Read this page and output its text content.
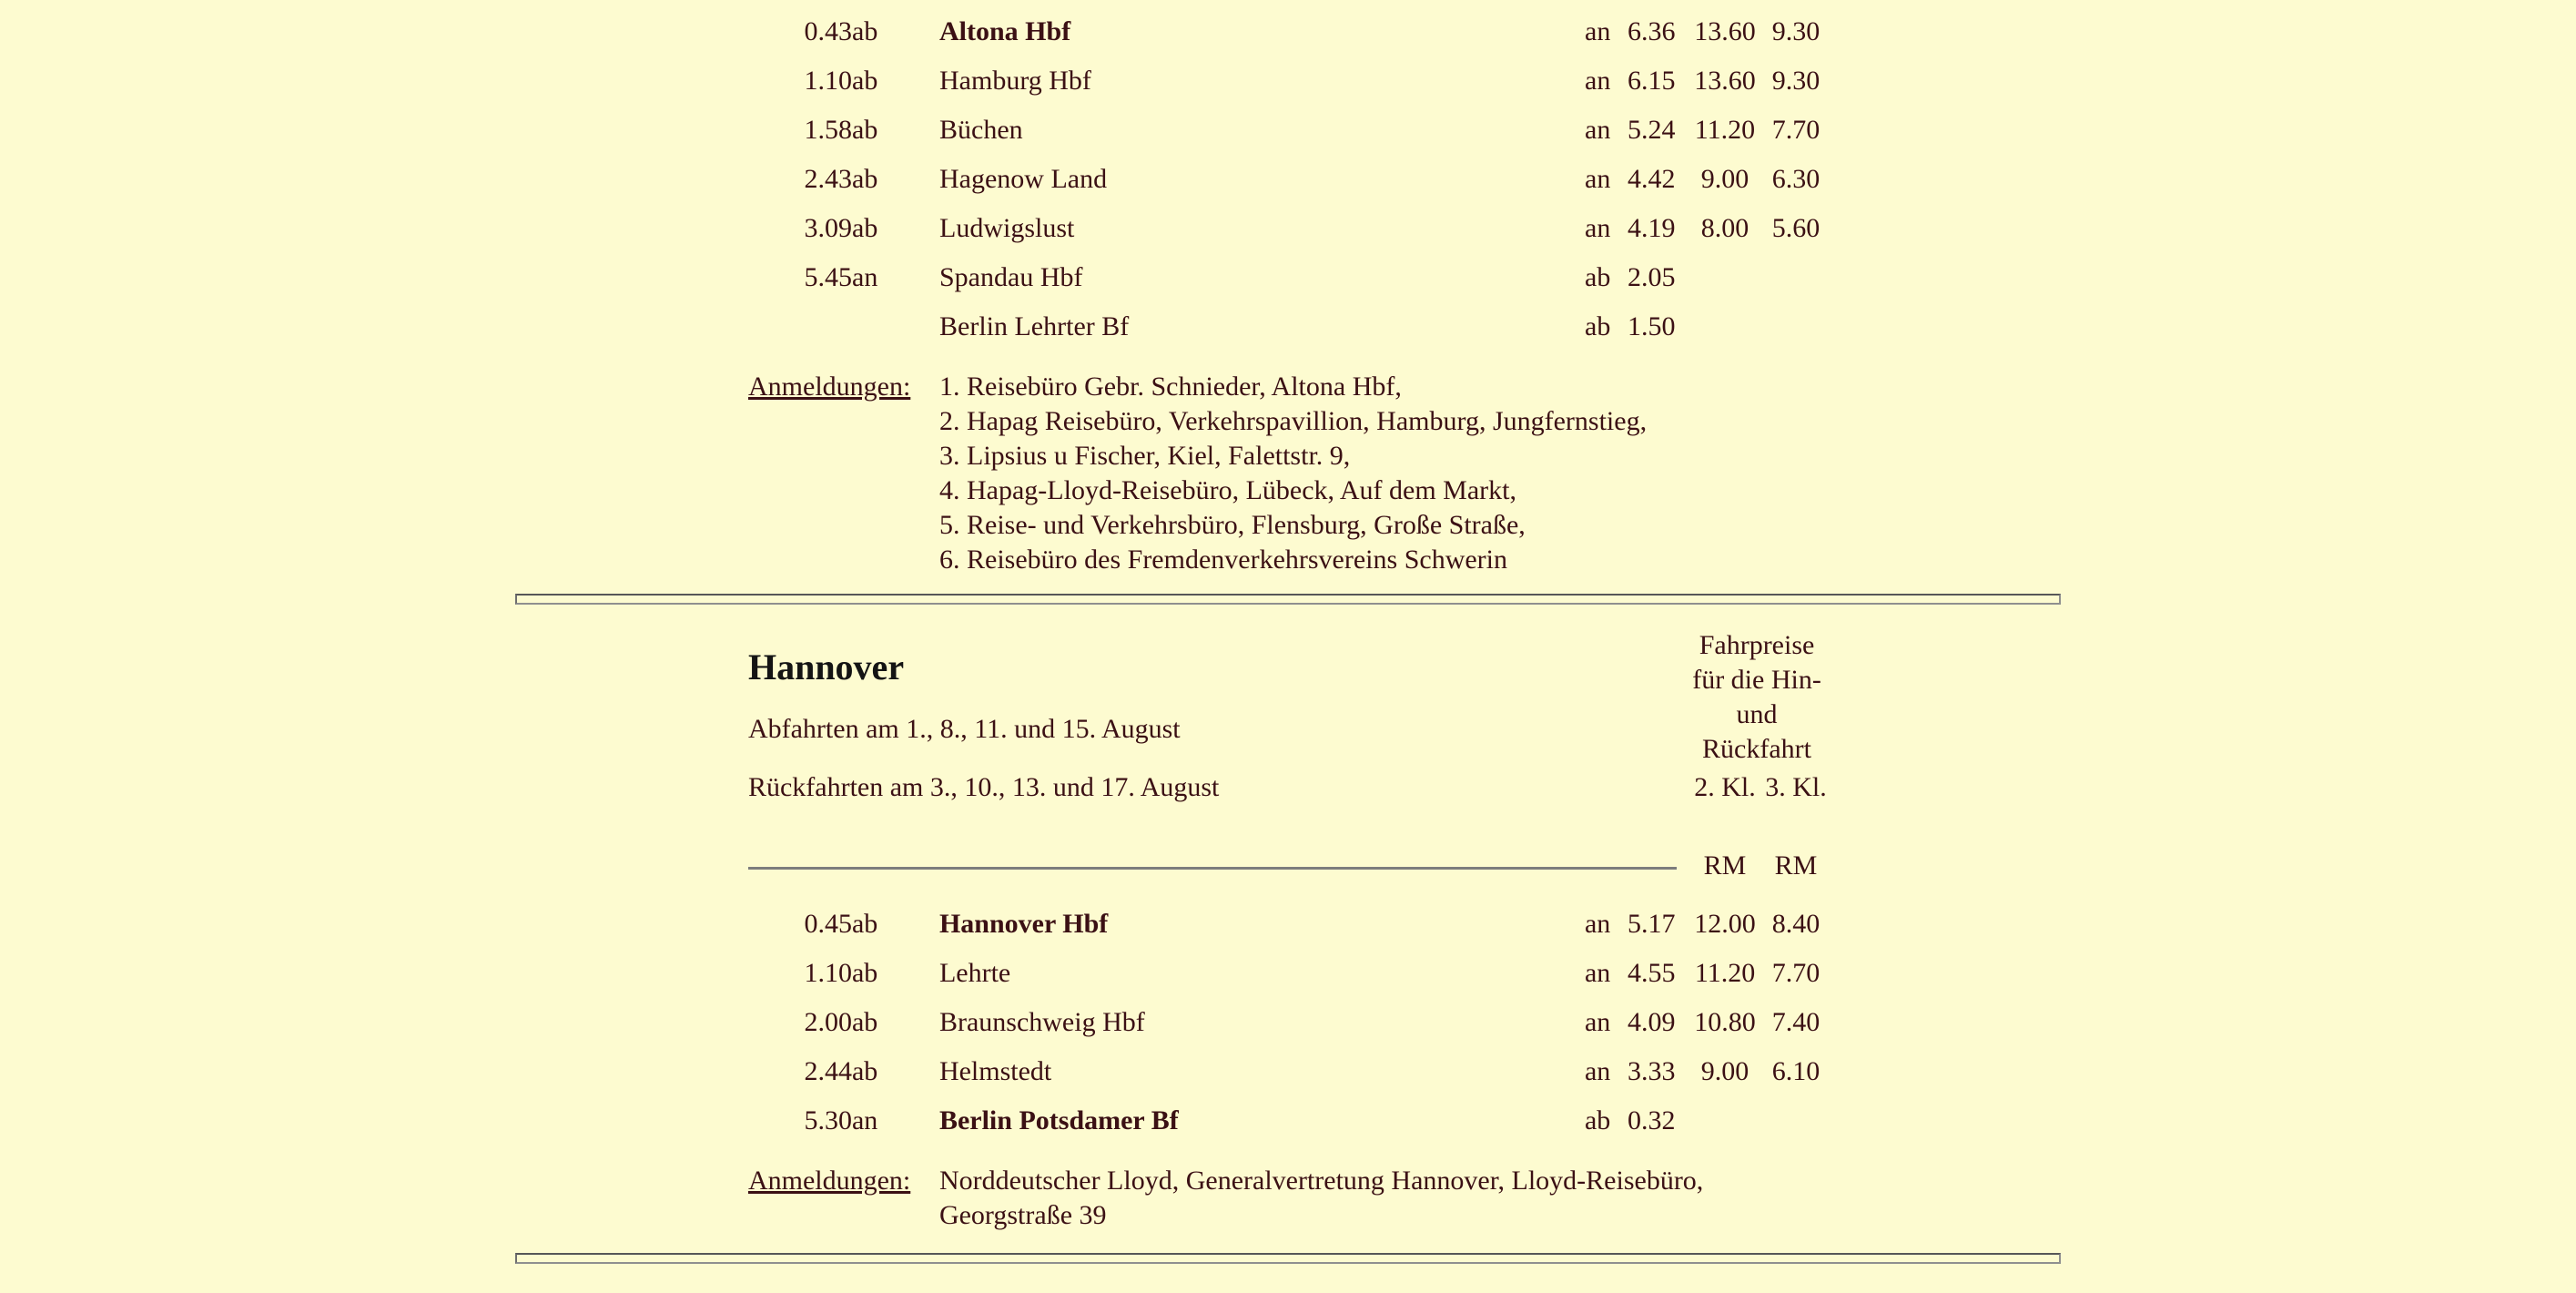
0.43	ab	Altona Hbf	an	6.36	13.60	9.30
1.10	ab	Hamburg Hbf	an	6.15	13.60	9.30
1.58	ab	Büchen	an	5.24	11.20	7.70
2.43	ab	Hagenow Land	an	4.42	9.00	6.30
3.09	ab	Ludwigslust	an	4.19	8.00	5.60
5.45	an	Spandau Hbf	ab	2.05		
		Berlin Lehrter Bf	ab	1.50		
Anmeldungen:	1. Reisebüro Gebr. Schnieder, Altona Hbf,
2. Hapag Reisebüro, Verkehrspavillion, Hamburg, Jungfernstieg,
3. Lipsius u Fischer, Kiel, Falettstr. 9,
4. Hapag-Lloyd-Reisebüro, Lübeck, Auf dem Markt,
5. Reise- und Verkehrsbüro, Flensburg, Große Straße,
6. Reisebüro des Fremdenverkehrsvereins Schwerin
Hannover
Abfahrten am 1., 8., 11. und 15. August					Fahrpreise für die Hin- und Rückfahrt	
Rückfahrten am 3., 10., 13. und 17. August					2. Kl.	3. Kl.

					RM	RM
0.45	ab	Hannover Hbf	an	5.17	12.00	8.40
1.10	ab	Lehrte	an	4.55	11.20	7.70
2.00	ab	Braunschweig Hbf	an	4.09	10.80	7.40
2.44	ab	Helmstedt	an	3.33	9.00	6.10
5.30	an	Berlin Potsdamer Bf	ab	0.32		
Anmeldungen:		Norddeutscher Lloyd, Generalvertretung Hannover, Lloyd-Reisebüro,
Georgstraße 39				
